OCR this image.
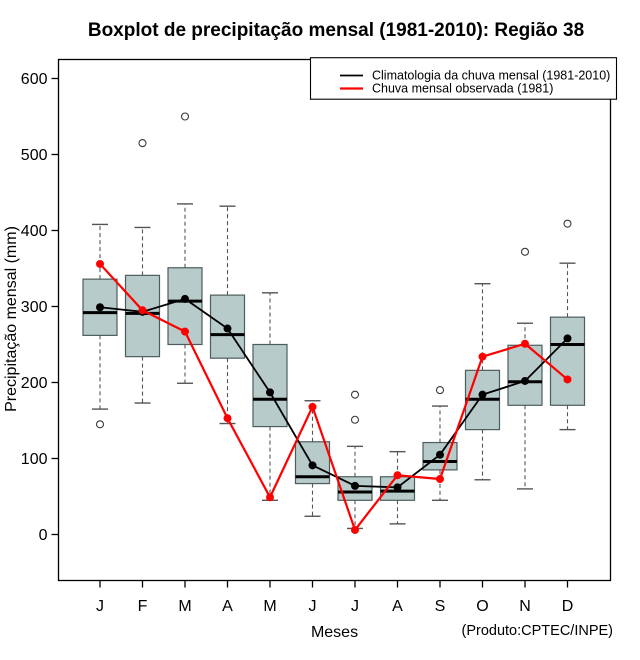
Boxplot de precipitação mensal (1981-2010): Região 38
0
100
200
300
400
500
600
J F M A M J J A S O N D
Precipitação mensal (mm)
Meses	(Produto:CPTEC/INPE)
Climatologia da chuva mensal (1981-2010)
Chuva mensal observada (1981)
